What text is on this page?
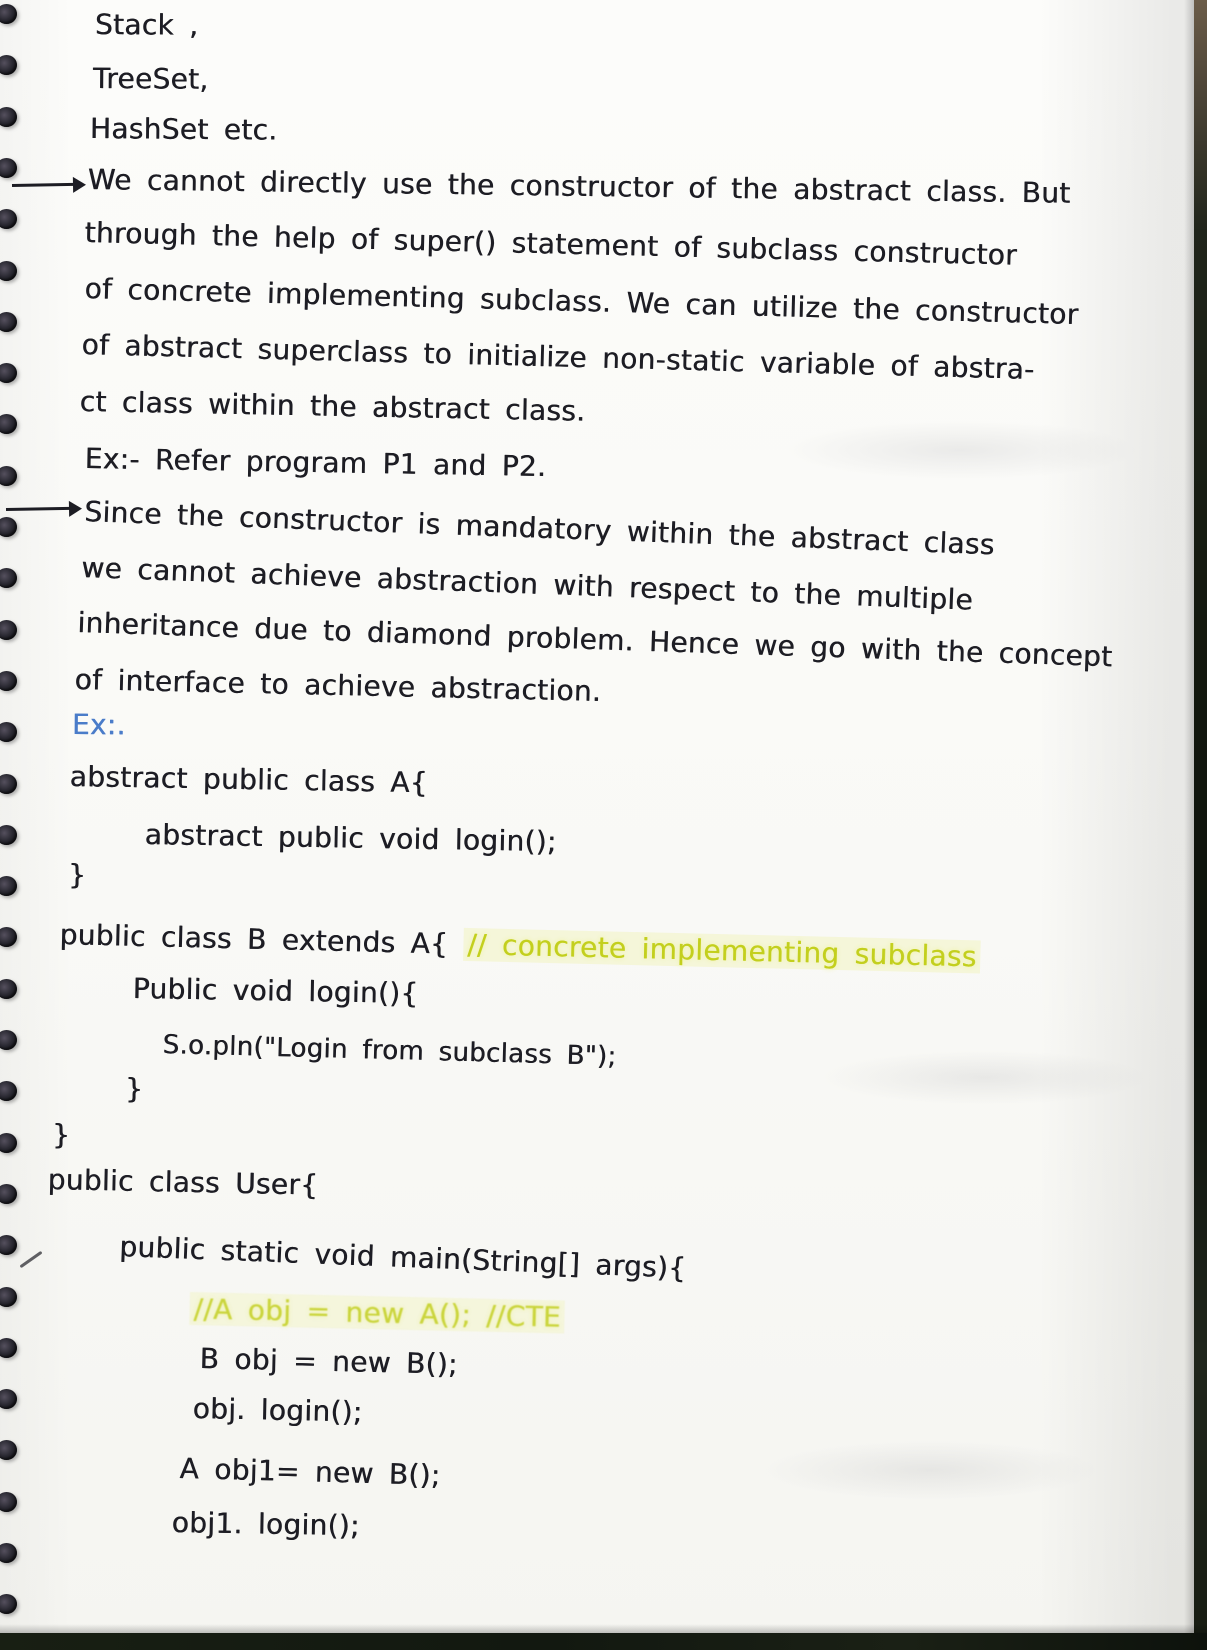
Stack ,
TreeSet,
HashSet etc.
We cannot directly use the constructor of the abstract class. But
through the help of super() statement of subclass constructor
of concrete implementing subclass. We can utilize the constructor
of abstract superclass to initialize non-static variable of abstra-
ct class within the abstract class.
Ex:- Refer program P1 and P2.
Since the constructor is mandatory within the abstract class
we cannot achieve abstraction with respect to the multiple
inheritance due to diamond problem. Hence we go with the concept
of interface to achieve abstraction.
Ex:.
abstract public class A{
abstract public void login();
}
public class B extends A{ // concrete implementing subclass
Public void login(){
S.o.pln("Login from subclass B");
}
}
public class User{
public static void main(String[] args){
//A obj = new A(); //CTE
B obj = new B();
obj. login();
A obj1= new B();
obj1. login();
